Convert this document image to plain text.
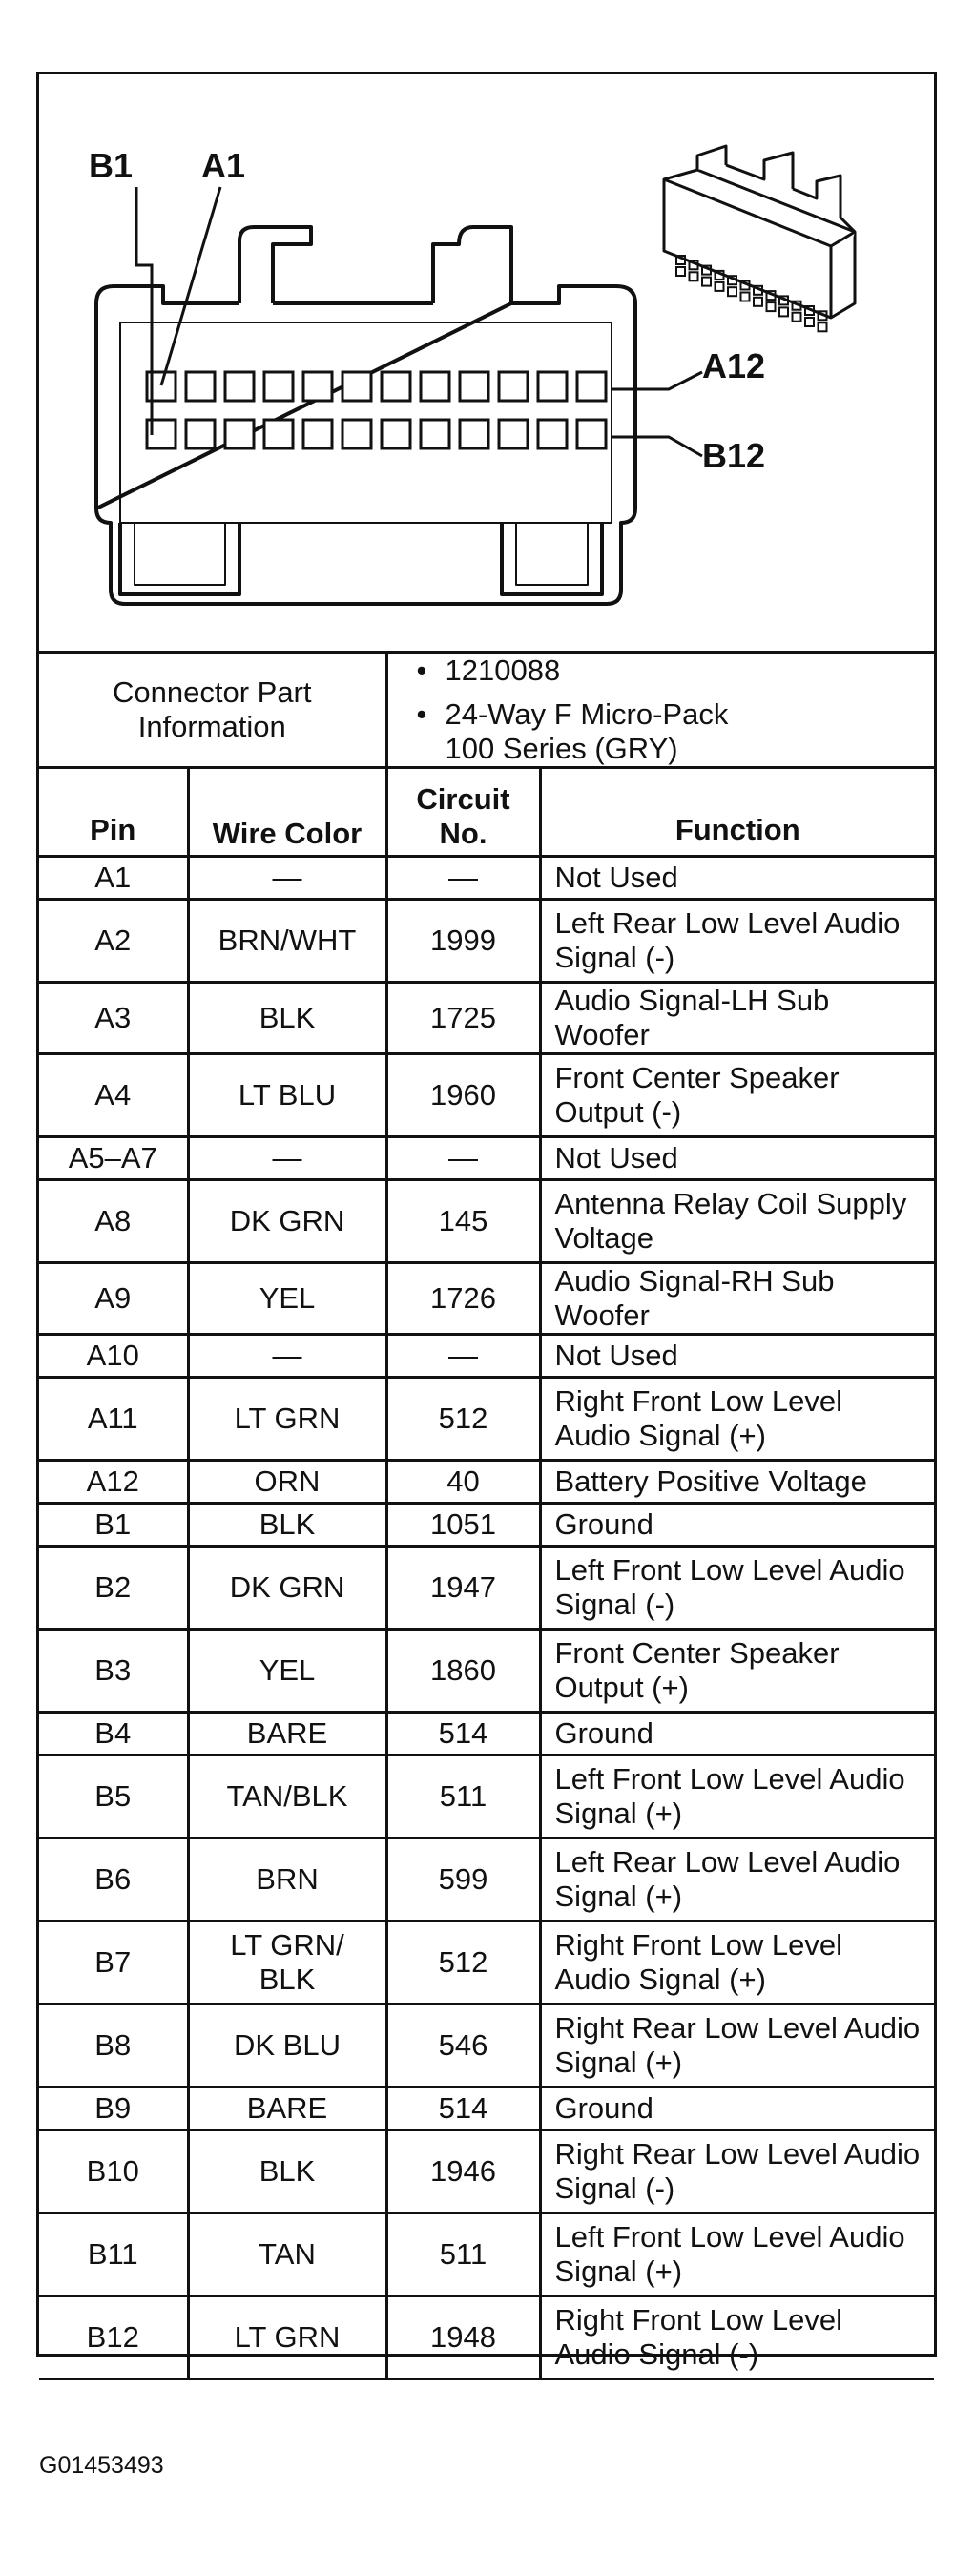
B1 A1
A12
B12
Connector Part Information		• 1210088
• 24-Way F Micro-Pack
100 Series (GRY)

Pin	Wire Color	Circuit No.	Function
A1	—	—	Not Used
A2	BRN/WHT	1999	Left Rear Low Level Audio Signal (-)
A3	BLK	1725	Audio Signal-LH Sub Woofer
A4	LT BLU	1960	Front Center Speaker Output (-)
A5–A7	—	—	Not Used
A8	DK GRN	145	Antenna Relay Coil Supply Voltage
A9	YEL	1726	Audio Signal-RH Sub Woofer
A10	—	—	Not Used
A11	LT GRN	512	Right Front Low Level Audio Signal (+)
A12	ORN	40	Battery Positive Voltage
B1	BLK	1051	Ground
B2	DK GRN	1947	Left Front Low Level Audio Signal (-)
B3	YEL	1860	Front Center Speaker Output (+)
B4	BARE	514	Ground
B5	TAN/BLK	511	Left Front Low Level Audio Signal (+)
B6	BRN	599	Left Rear Low Level Audio Signal (+)
B7	LT GRN/ BLK	512	Right Front Low Level Audio Signal (+)
B8	DK BLU	546	Right Rear Low Level Audio Signal (+)
B9	BARE	514	Ground
B10	BLK	1946	Right Rear Low Level Audio Signal (-)
B11	TAN	511	Left Front Low Level Audio Signal (+)
B12	LT GRN	1948	Right Front Low Level Audio Signal (-)
G01453493
